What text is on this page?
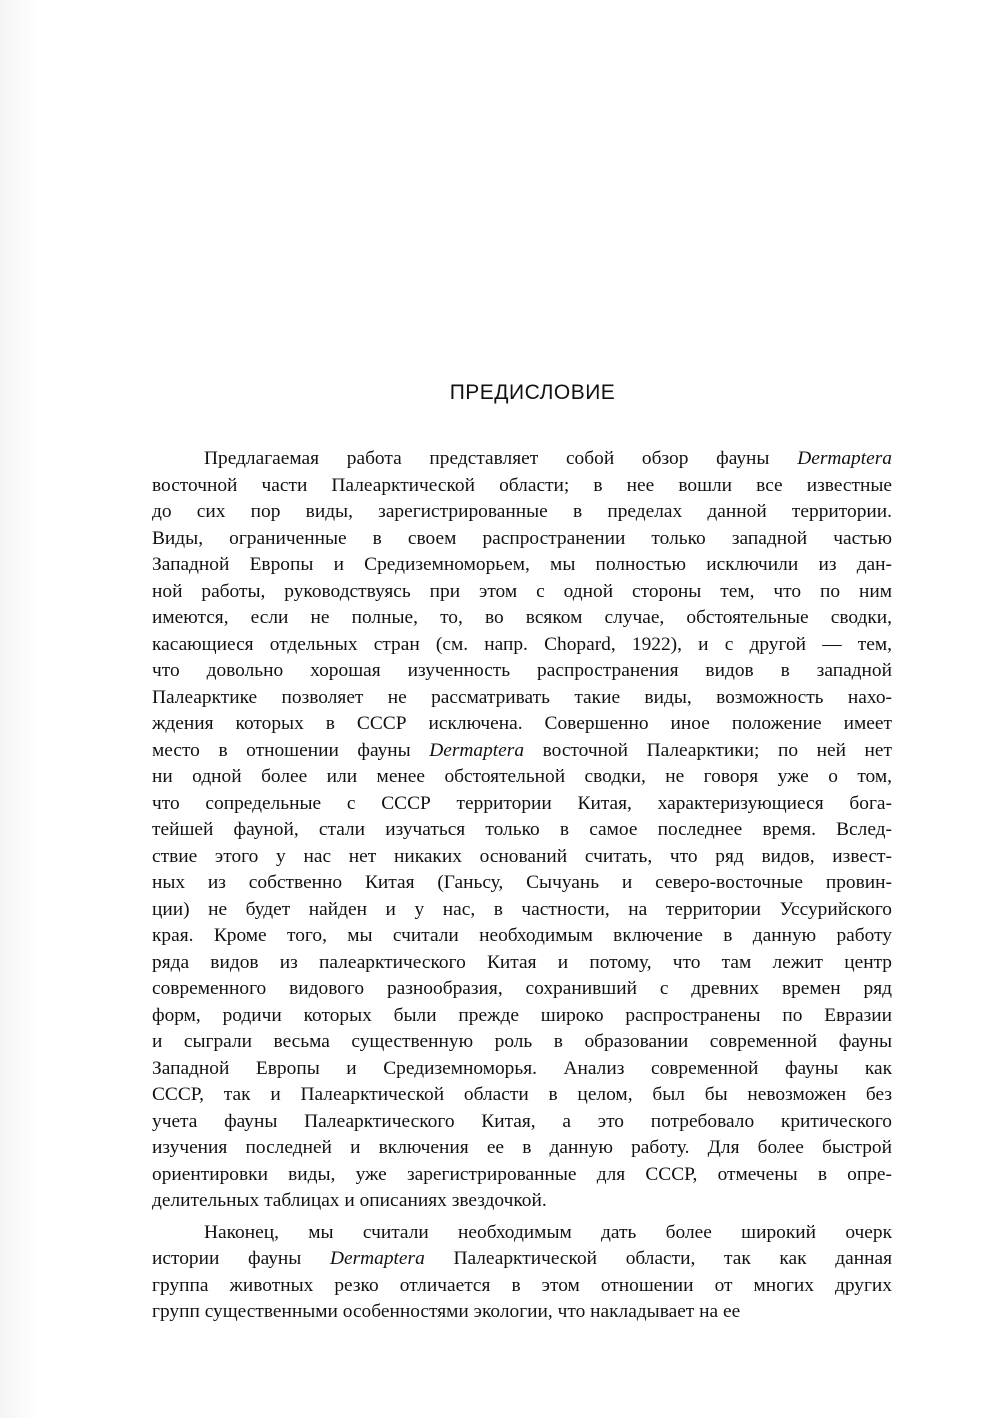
ПРЕДИСЛОВИЕ
Предлагаемая работа представляет собой обзор фауны Dermaptera
восточной части Палеарктической области; в нее вошли все известные
до сих пор виды, зарегистрированные в пределах данной территории.
Виды, ограниченные в своем распространении только западной частью
Западной Европы и Средиземноморьем, мы полностью исключили из дан-
ной работы, руководствуясь при этом с одной стороны тем, что по ним
имеются, если не полные, то, во всяком случае, обстоятельные сводки,
касающиеся отдельных стран (см. напр. Chopard, 1922), и с другой — тем,
что довольно хорошая изученность распространения видов в западной
Палеарктике позволяет не рассматривать такие виды, возможность нахо-
ждения которых в СССР исключена. Совершенно иное положение имеет
место в отношении фауны Dermaptera восточной Палеарктики; по ней нет
ни одной более или менее обстоятельной сводки, не говоря уже о том,
что сопредельные с СССР территории Китая, характеризующиеся бога-
тейшей фауной, стали изучаться только в самое последнее время. Вслед-
ствие этого у нас нет никаких оснований считать, что ряд видов, извест-
ных из собственно Китая (Ганьсу, Сычуань и северо-восточные провин-
ции) не будет найден и у нас, в частности, на территории Уссурийского
края. Кроме того, мы считали необходимым включение в данную работу
ряда видов из палеарктического Китая и потому, что там лежит центр
современного видового разнообразия, сохранивший с древних времен ряд
форм, родичи которых были прежде широко распространены по Евразии
и сыграли весьма существенную роль в образовании современной фауны
Западной Европы и Средиземноморья. Анализ современной фауны как
СССР, так и Палеарктической области в целом, был бы невозможен без
учета фауны Палеарктического Китая, а это потребовало критического
изучения последней и включения ее в данную работу. Для более быстрой
ориентировки виды, уже зарегистрированные для СССР, отмечены в опре-
делительных таблицах и описаниях звездочкой.
Наконец, мы считали необходимым дать более широкий очерк
истории фауны Dermaptera Палеарктической области, так как данная
группа животных резко отличается в этом отношении от многих других
групп существенными особенностями экологии, что накладывает на ее
